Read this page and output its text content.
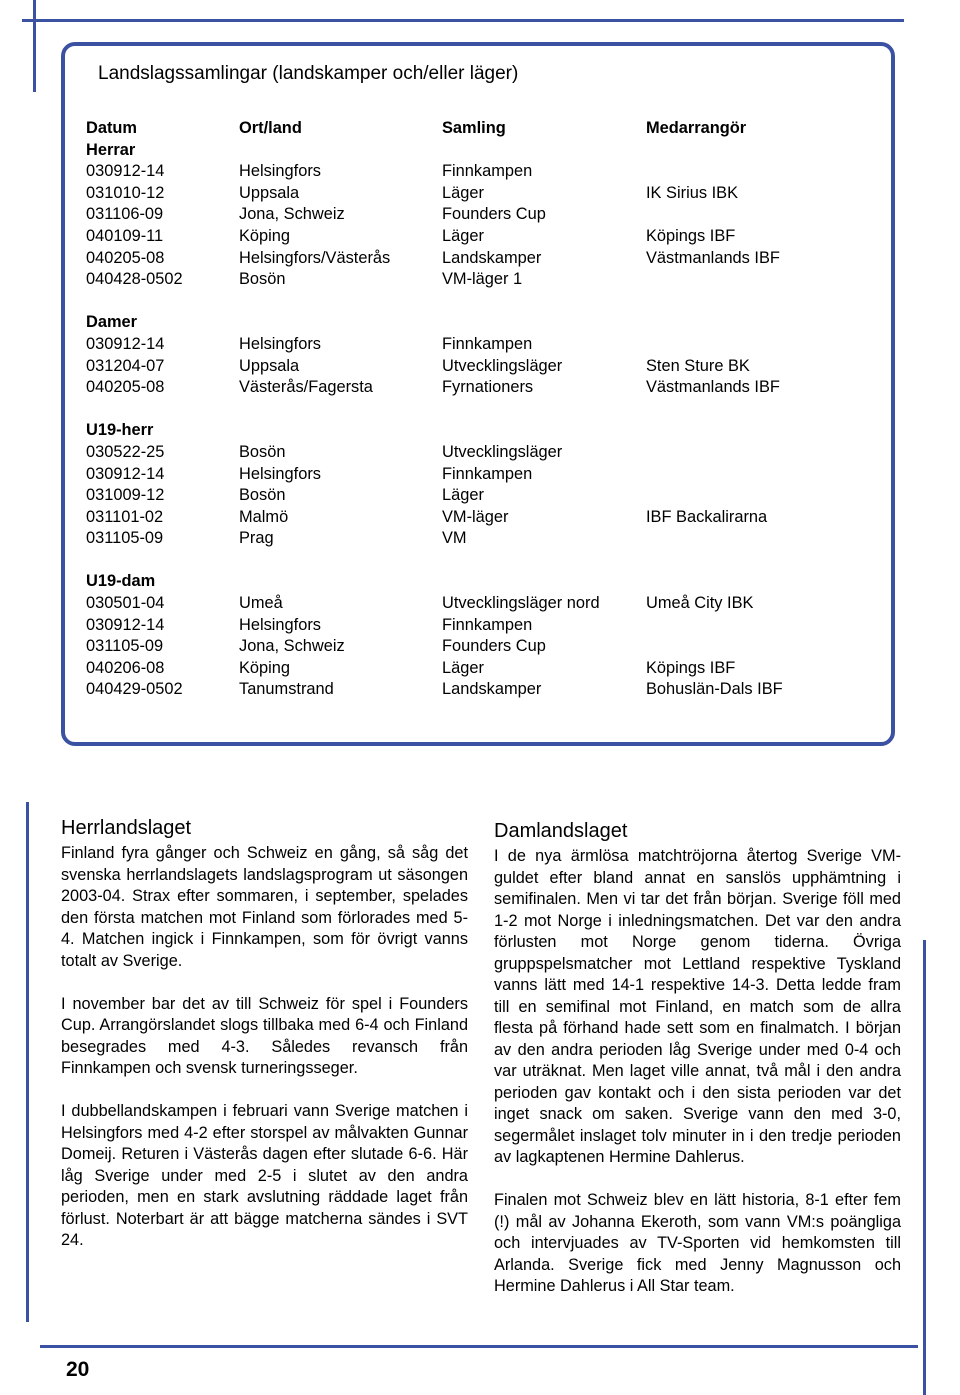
Landslagssamlingar (landskamper och/eller läger)
Datum	Ort/land	Samling	Medarrangör
Herrar
030912-14	Helsingfors	Finnkampen
031010-12	Uppsala	Läger	IK Sirius IBK
031106-09	Jona, Schweiz	Founders Cup
040109-11	Köping	Läger	Köpings IBF
040205-08	Helsingfors/Västerås	Landskamper	Västmanlands IBF
040428-0502	Bosön	VM-läger 1
Damer
030912-14	Helsingfors	Finnkampen
031204-07	Uppsala	Utvecklingsläger	Sten Sture BK
040205-08	Västerås/Fagersta	Fyrnationers	Västmanlands IBF
U19-herr
030522-25	Bosön	Utvecklingsläger
030912-14	Helsingfors	Finnkampen
031009-12	Bosön	Läger
031101-02	Malmö	VM-läger	IBF Backalirarna
031105-09	Prag	VM
U19-dam
030501-04	Umeå	Utvecklingsläger nord	Umeå City IBK
030912-14	Helsingfors	Finnkampen
031105-09	Jona, Schweiz	Founders Cup
040206-08	Köping	Läger	Köpings IBF
040429-0502	Tanumstrand	Landskamper	Bohuslän-Dals IBF
Herrlandslaget

Finland fyra gånger och Schweiz en gång, så såg det svenska herrlandslagets landslagsprogram ut säsongen 2003-04. Strax efter sommaren, i september, spelades den första matchen mot Finland som förlorades med 5-4. Matchen ingick i Finnkampen, som för övrigt vanns totalt av Sverige.

I november bar det av till Schweiz för spel i Founders Cup. Arrangörslandet slogs tillbaka med 6-4 och Finland besegrades med 4-3. Således revansch från Finnkampen och svensk turneringsseger.

I dubbellandskampen i februari vann Sverige matchen i Helsingfors med 4-2 efter storspel av målvakten Gunnar Domeij. Returen i Västerås dagen efter slutade 6-6. Här låg Sverige under med 2-5 i slutet av den andra perioden, men en stark avslutning räddade laget från förlust. Noterbart är att bägge matcherna sändes i SVT 24.

Damlandslaget

I de nya ärmlösa matchtröjorna återtog Sverige VM-guldet efter bland annat en sanslös upphämtning i semifinalen. Men vi tar det från början. Sverige föll med 1-2 mot Norge i inledningsmatchen. Det var den andra förlusten mot Norge genom tiderna. Övriga gruppspelsmatcher mot Lettland respektive Tyskland vanns lätt med 14-1 respektive 14-3. Detta ledde fram till en semifinal mot Finland, en match som de allra flesta på förhand hade sett som en finalmatch. I början av den andra perioden låg Sverige under med 0-4 och var uträknat. Men laget ville annat, två mål i den andra perioden gav kontakt och i den sista perioden var det inget snack om saken. Sverige vann den med 3-0, segermålet inslaget tolv minuter in i den tredje perioden av lagkaptenen Hermine Dahlerus.

Finalen mot Schweiz blev en lätt historia, 8-1 efter fem (!) mål av Johanna Ekeroth, som vann VM:s poängliga och intervjuades av TV-Sporten vid hemkomsten till Arlanda. Sverige fick med Jenny Magnusson och Hermine Dahlerus i All Star team.

20
